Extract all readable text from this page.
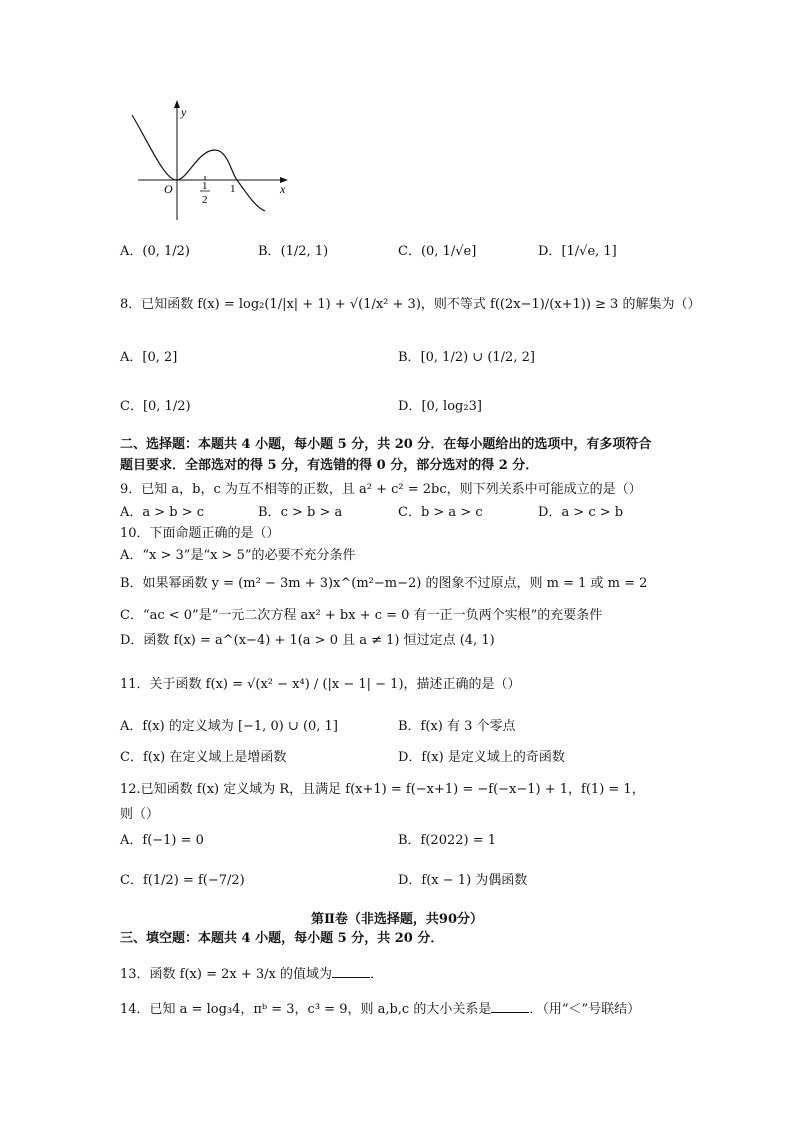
y
x
O	1
2
1
A．(0, 1/2)	B．(1/2, 1)	C．(0, 1/√e]	D．[1/√e, 1]
8．已知函数 f(x) = log₂(1/|x| + 1) + √(1/x² + 3)，则不等式 f((2x−1)/(x+1)) ≥ 3 的解集为（）
A．[0, 2]	B．[0, 1/2) ∪ (1/2, 2]
C．[0, 1/2)	D．[0, log₂3]
二、选择题：本题共 4 小题，每小题 5 分，共 20 分．在每小题给出的选项中，有多项符合
题目要求．全部选对的得 5 分，有选错的得 0 分，部分选对的得 2 分．
9．已知 a，b，c 为互不相等的正数，且 a² + c² = 2bc，则下列关系中可能成立的是（）
A．a > b > c	B．c > b > a	C．b > a > c	D．a > c > b
10．下面命题正确的是（）
A．“x > 3”是“x > 5”的必要不充分条件
B．如果幂函数 y = (m² − 3m + 3)x^(m²−m−2) 的图象不过原点，则 m = 1 或 m = 2
C．“ac < 0”是“一元二次方程 ax² + bx + c = 0 有一正一负两个实根”的充要条件
D．函数 f(x) = a^(x−4) + 1(a > 0 且 a ≠ 1) 恒过定点 (4, 1)
11．关于函数 f(x) = √(x² − x⁴) / (|x − 1| − 1)，描述正确的是（）
A．f(x) 的定义域为 [−1, 0) ∪ (0, 1]	B．f(x) 有 3 个零点
C．f(x) 在定义域上是增函数	D．f(x) 是定义域上的奇函数
12.已知函数 f(x) 定义域为 R，且满足 f(x+1) = f(−x+1) = −f(−x−1) + 1，f(1) = 1，
则（）
A．f(−1) = 0	B．f(2022) = 1
C．f(1/2) = f(−7/2)	D．f(x − 1) 为偶函数
第Ⅱ卷（非选择题，共90分）
三、填空题：本题共 4 小题，每小题 5 分，共 20 分．
13．函数 f(x) = 2x + 3/x 的值域为	．
14．已知 a = log₃4，πᵇ = 3，c³ = 9，则 a,b,c 的大小关系是	．（用“＜”号联结）
